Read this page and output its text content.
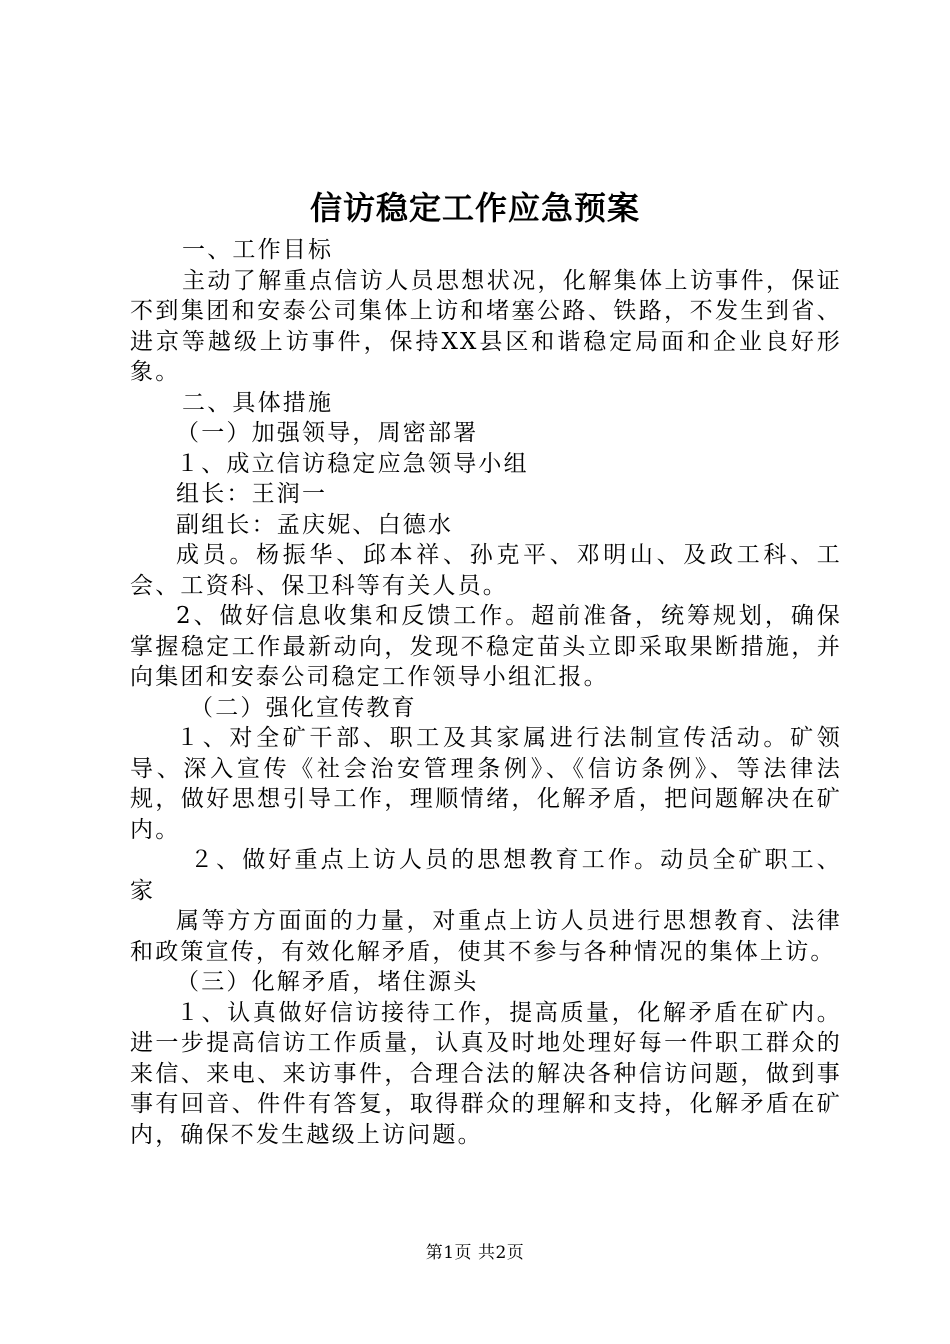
信访稳定工作应急预案

一、工作目标

主动了解重点信访人员思想状况，化解集体上访事件，保证不到集团和安泰公司集体上访和堵塞公路、铁路，不发生到省、进京等越级上访事件，保持XX县区和谐稳定局面和企业良好形象。

二、具体措施

（一）加强领导，周密部署

１、成立信访稳定应急领导小组

组长：王润一

副组长：孟庆妮、白德水

成员。杨振华、邱本祥、孙克平、邓明山、及政工科、工会、工资科、保卫科等有关人员。

2、做好信息收集和反馈工作。超前准备，统筹规划，确保掌握稳定工作最新动向，发现不稳定苗头立即采取果断措施，并向集团和安泰公司稳定工作领导小组汇报。

（二）强化宣传教育

１、对全矿干部、职工及其家属进行法制宣传活动。矿领导、深入宣传《社会治安管理条例》、《信访条例》、等法律法规，做好思想引导工作，理顺情绪，化解矛盾，把问题解决在矿内。

２、做好重点上访人员的思想教育工作。动员全矿职工、家

属等方方面面的力量，对重点上访人员进行思想教育、法律和政策宣传，有效化解矛盾，使其不参与各种情况的集体上访。

（三）化解矛盾，堵住源头

１、认真做好信访接待工作，提高质量，化解矛盾在矿内。进一步提高信访工作质量，认真及时地处理好每一件职工群众的来信、来电、来访事件，合理合法的解决各种信访问题，做到事事有回音、件件有答复，取得群众的理解和支持，化解矛盾在矿内，确保不发生越级上访问题。

第1页 共2页
